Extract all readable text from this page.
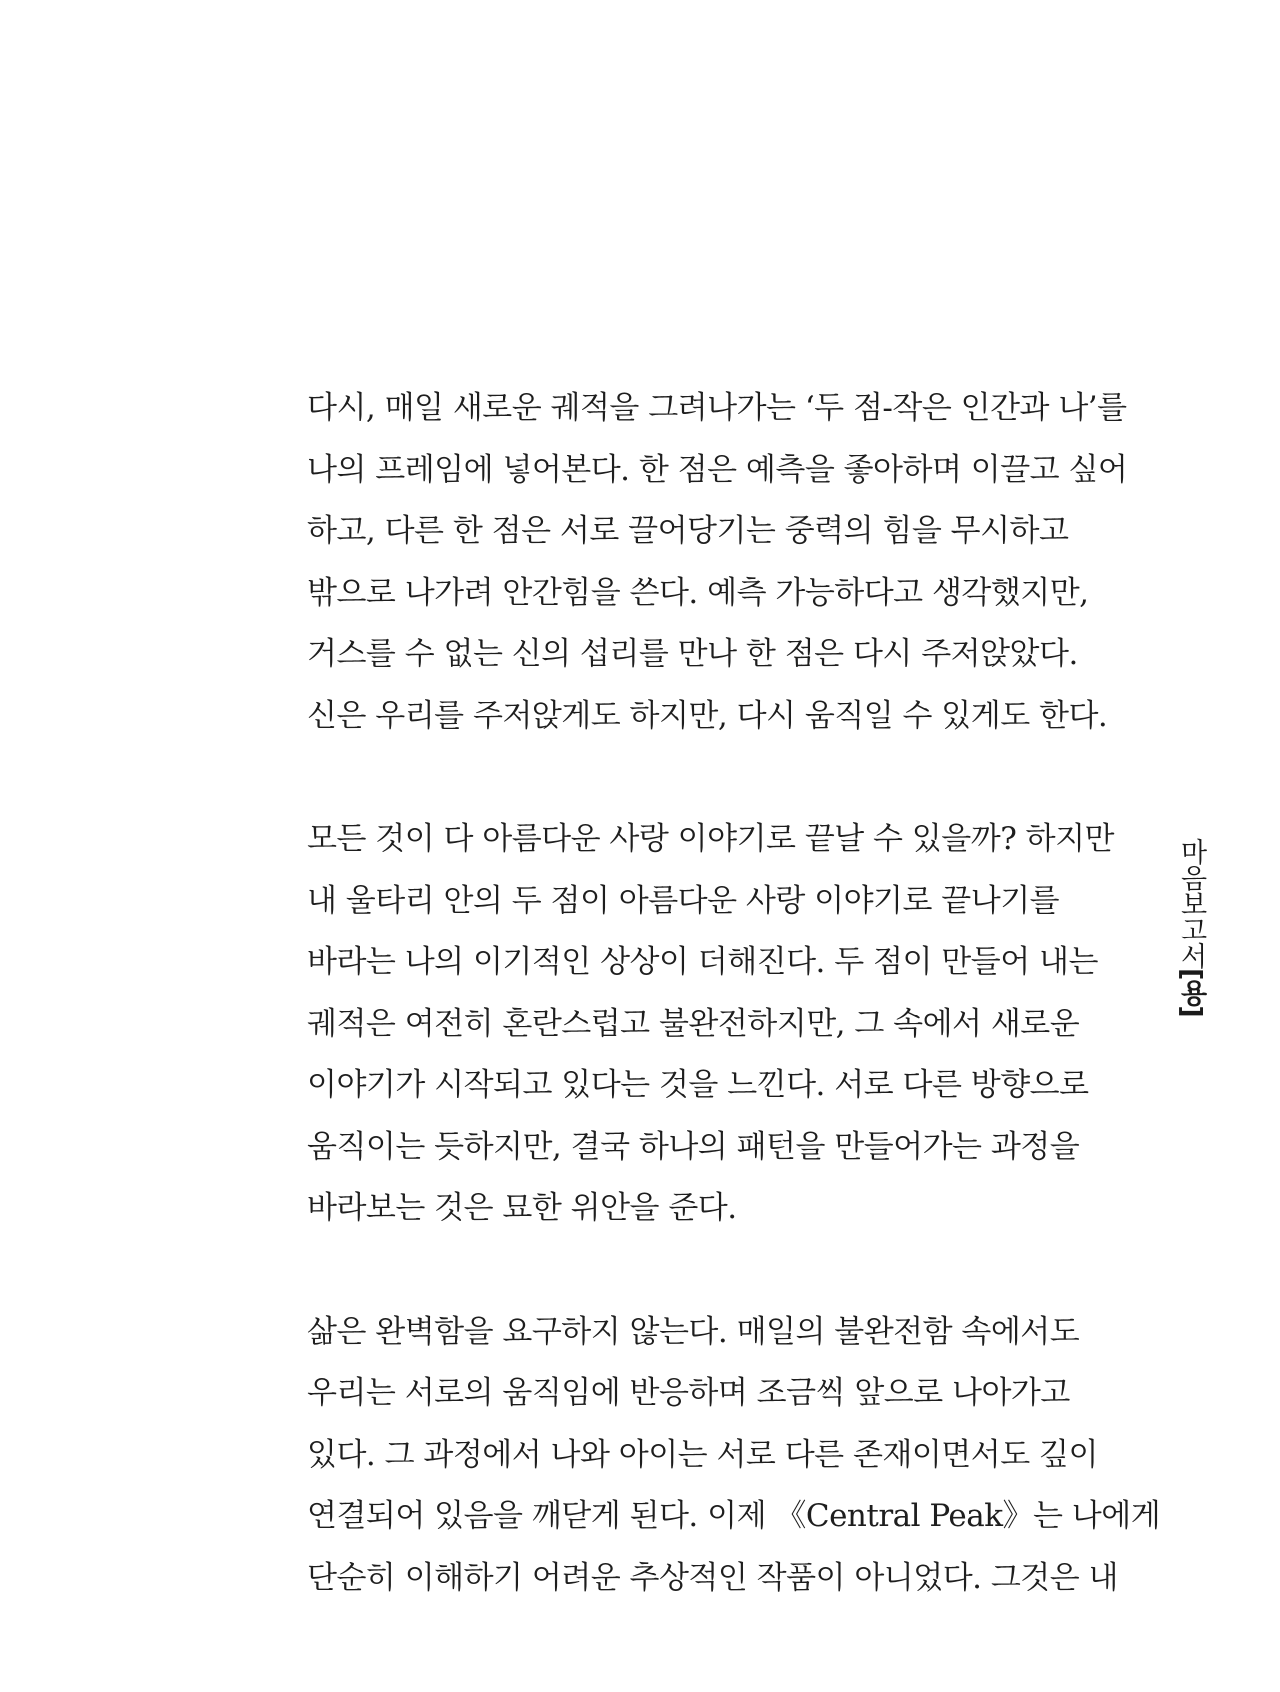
다시, 매일 새로운 궤적을 그려나가는 ‘두 점-작은 인간과 나’를
나의 프레임에 넣어본다. 한 점은 예측을 좋아하며 이끌고 싶어
하고, 다른 한 점은 서로 끌어당기는 중력의 힘을 무시하고
밖으로 나가려 안간힘을 쓴다. 예측 가능하다고 생각했지만,
거스를 수 없는 신의 섭리를 만나 한 점은 다시 주저앉았다.
신은 우리를 주저앉게도 하지만, 다시 움직일 수 있게도 한다.
모든 것이 다 아름다운 사랑 이야기로 끝날 수 있을까? 하지만
내 울타리 안의 두 점이 아름다운 사랑 이야기로 끝나기를
바라는 나의 이기적인 상상이 더해진다. 두 점이 만들어 내는
궤적은 여전히 혼란스럽고 불완전하지만, 그 속에서 새로운
이야기가 시작되고 있다는 것을 느낀다. 서로 다른 방향으로
움직이는 듯하지만, 결국 하나의 패턴을 만들어가는 과정을
바라보는 것은 묘한 위안을 준다.
삶은 완벽함을 요구하지 않는다. 매일의 불완전함 속에서도
우리는 서로의 움직임에 반응하며 조금씩 앞으로 나아가고
있다. 그 과정에서 나와 아이는 서로 다른 존재이면서도 깊이
연결되어 있음을 깨닫게 된다. 이제 《Central Peak》는 나에게
단순히 이해하기 어려운 추상적인 작품이 아니었다. 그것은 내
마음보고서[용]
